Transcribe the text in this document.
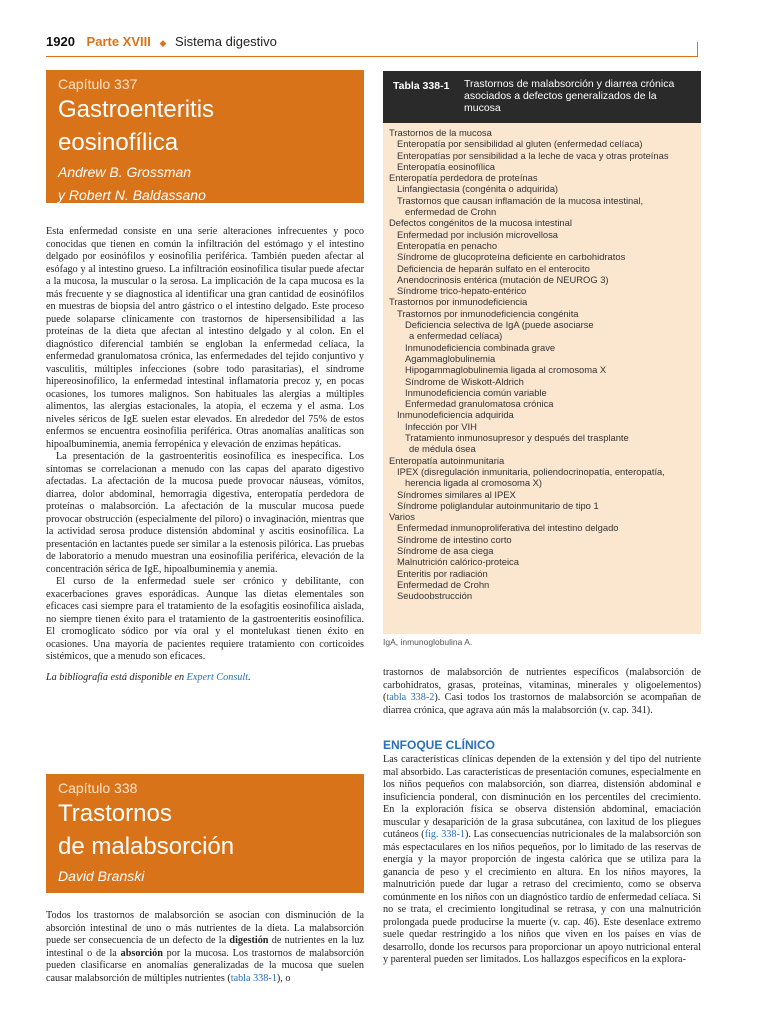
1920 Parte XVIII ◆ Sistema digestivo
Capítulo 337
Gastroenteritis
eosinofílica
Andrew B. Grossman
y Robert N. Baldassano

Esta enfermedad consiste en una serie alteraciones infrecuentes y poco conocidas que tienen en común la infiltración del estómago y el intestino delgado por eosinófilos y eosinofilia periférica. También pueden afectar al esófago y al intestino grueso. La infiltración eosinofílica tisular puede afectar a la mucosa, la muscular o la serosa. La implicación de la capa mucosa es la más frecuente y se diagnostica al identificar una gran cantidad de eosinófilos en muestras de biopsia del antro gástrico o el intestino delgado. Este proceso puede solaparse clínicamente con trastornos de hipersensibilidad a las proteínas de la dieta que afectan al intestino delgado y al colon. En el diagnóstico diferencial también se engloban la enfermedad celíaca, la enfermedad granulomatosa crónica, las enfermedades del tejido conjuntivo y vasculitis, múltiples infecciones (sobre todo parasitarias), el síndrome hipereosinofílico, la enfermedad intestinal inflamatoria precoz y, en pocas ocasiones, los tumores malignos. Son habituales las alergias a múltiples alimentos, las alergias estacionales, la atopia, el eczema y el asma. Los niveles séricos de IgE suelen estar elevados. En alrededor del 75% de estos enfermos se encuentra eosinofilia periférica. Otras anomalías analíticas son hipoalbuminemia, anemia ferropénica y elevación de enzimas hepáticas.

La presentación de la gastroenteritis eosinofílica es inespecífica. Los síntomas se correlacionan a menudo con las capas del aparato digestivo afectadas. La afectación de la mucosa puede provocar náuseas, vómitos, diarrea, dolor abdominal, hemorragia digestiva, enteropatía perdedora de proteínas o malabsorción. La afectación de la muscular mucosa puede provocar obstrucción (especialmente del píloro) o invaginación, mientras que la actividad serosa produce distensión abdominal y ascitis eosinofílica. La presentación en lactantes puede ser similar a la estenosis pilórica. Las pruebas de laboratorio a menudo muestran una eosinofilia periférica, elevación de la concentración sérica de IgE, hipoalbuminemia y anemia.

El curso de la enfermedad suele ser crónico y debilitante, con exacerbaciones graves esporádicas. Aunque las dietas elementales son eficaces casi siempre para el tratamiento de la esofagitis eosinofílica aislada, no siempre tienen éxito para el tratamiento de la gastroenteritis eosinofílica. El cromoglicato sódico por vía oral y el montelukast tienen éxito en ocasiones. Una mayoría de pacientes requiere tratamiento con corticoides sistémicos, que a menudo son eficaces.

La bibliografía está disponible en Expert Consult.

Capítulo 338
Trastornos
de malabsorción
David Branski

Todos los trastornos de malabsorción se asocian con disminución de la absorción intestinal de uno o más nutrientes de la dieta. La malabsorción puede ser consecuencia de un defecto de la digestión de nutrientes en la luz intestinal o de la absorción por la mucosa. Los trastornos de malabsorción pueden clasificarse en anomalías generalizadas de la mucosa que suelen causar malabsorción de múltiples nutrientes (tabla 338-1), o

Tabla 338-1 Trastornos de malabsorción y diarrea crónica asociados a defectos generalizados de la mucosa
Trastornos de la mucosa
Enteropatía por sensibilidad al gluten (enfermedad celíaca)
Enteropatías por sensibilidad a la leche de vaca y otras proteínas
Enteropatía eosinofílica
Enteropatía perdedora de proteínas
Linfangiectasia (congénita o adquirida)
Trastornos que causan inflamación de la mucosa intestinal,
enfermedad de Crohn
Defectos congénitos de la mucosa intestinal
Enfermedad por inclusión microvellosa
Enteropatía en penacho
Síndrome de glucoproteína deficiente en carbohidratos
Deficiencia de heparán sulfato en el enterocito
Anendocrinosis entérica (mutación de NEUROG 3)
Síndrome trico-hepato-entérico
Trastornos por inmunodeficiencia
Trastornos por inmunodeficiencia congénita
Deficiencia selectiva de IgA (puede asociarse
a enfermedad celíaca)
Inmunodeficiencia combinada grave
Agammaglobulinemia
Hipogammaglobulinemia ligada al cromosoma X
Síndrome de Wiskott-Aldrich
Inmunodeficiencia común variable
Enfermedad granulomatosa crónica
Inmunodeficiencia adquirida
Infección por VIH
Tratamiento inmunosupresor y después del trasplante
de médula ósea
Enteropatía autoinmunitaria
IPEX (disregulación inmunitaria, poliendocrinopatía, enteropatía,
herencia ligada al cromosoma X)
Síndromes similares al IPEX
Síndrome poliglandular autoinmunitario de tipo 1
Varios
Enfermedad inmunoproliferativa del intestino delgado
Síndrome de intestino corto
Síndrome de asa ciega
Malnutrición calórico-proteica
Enteritis por radiación
Enfermedad de Crohn
Seudoobstrucción
IgA, inmunoglobulina A.

trastornos de malabsorción de nutrientes específicos (malabsorción de carbohidratos, grasas, proteínas, vitaminas, minerales y oligoelementos) (tabla 338-2). Casi todos los trastornos de malabsorción se acompañan de diarrea crónica, que agrava aún más la malabsorción (v. cap. 341).

ENFOQUE CLÍNICO

Las características clínicas dependen de la extensión y del tipo del nutriente mal absorbido. Las características de presentación comunes, especialmente en los niños pequeños con malabsorción, son diarrea, distensión abdominal e insuficiencia ponderal, con disminución en los percentiles del crecimiento. En la exploración física se observa distensión abdominal, emaciación muscular y desaparición de la grasa subcutánea, con laxitud de los pliegues cutáneos (fig. 338-1). Las consecuencias nutricionales de la malabsorción son más espectaculares en los niños pequeños, por lo limitado de las reservas de energía y la mayor proporción de ingesta calórica que se utiliza para la ganancia de peso y el crecimiento en altura. En los niños mayores, la malnutrición puede dar lugar a retraso del crecimiento, como se observa comúnmente en los niños con un diagnóstico tardío de enfermedad celíaca. Si no se trata, el crecimiento longitudinal se retrasa, y con una malnutrición prolongada puede producirse la muerte (v. cap. 46). Este desenlace extremo suele quedar restringido a los niños que viven en los países en vías de desarrollo, donde los recursos para proporcionar un apoyo nutricional enteral y parenteral pueden ser limitados. Los hallazgos específicos en la explora-
